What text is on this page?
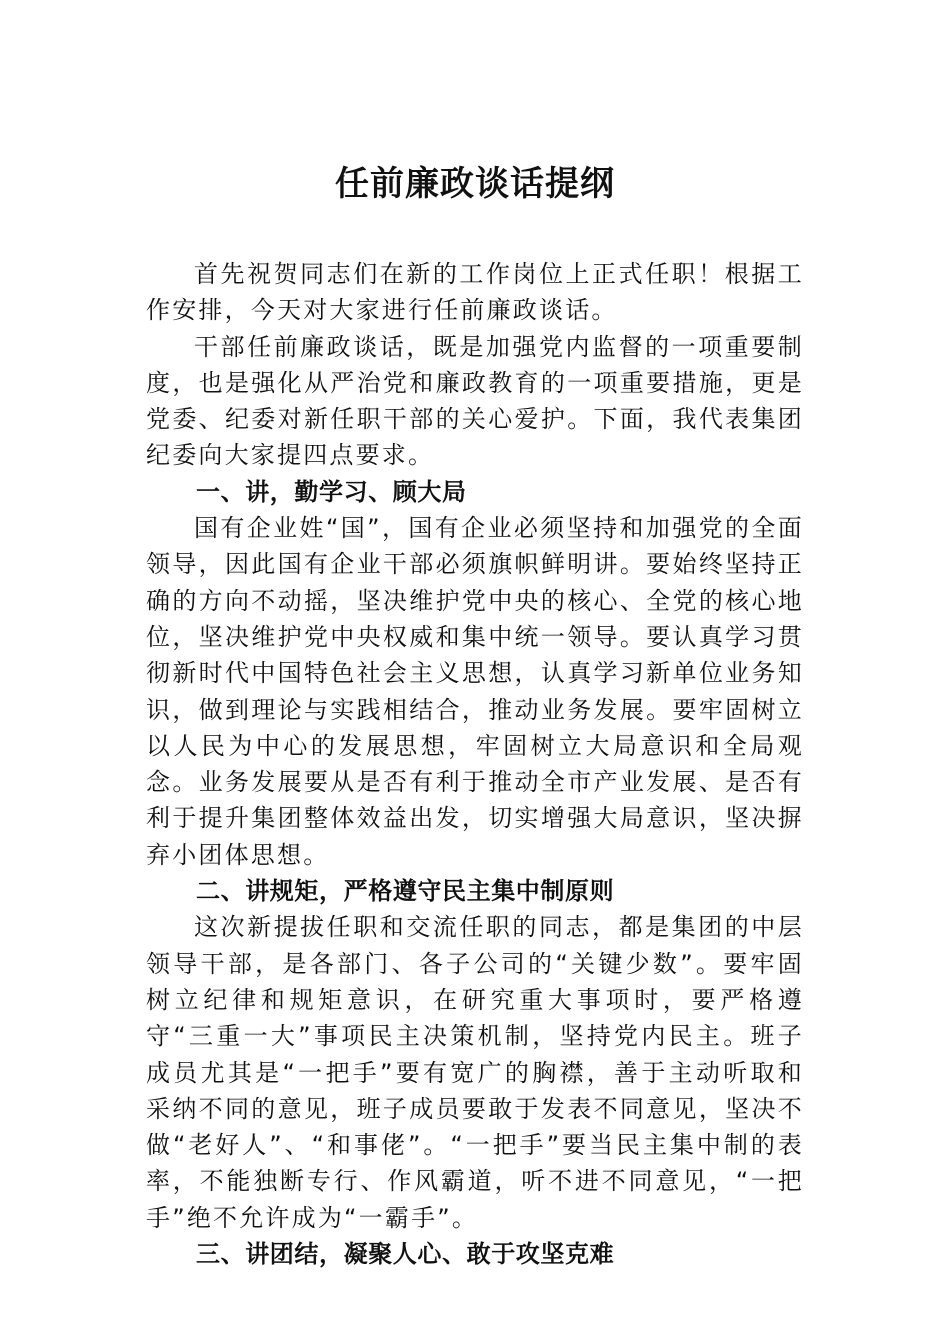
任前廉政谈话提纲

首先祝贺同志们在新的工作岗位上正式任职！根据工作安排，今天对大家进行任前廉政谈话。

干部任前廉政谈话，既是加强党内监督的一项重要制度，也是强化从严治党和廉政教育的一项重要措施，更是党委、纪委对新任职干部的关心爱护。下面，我代表集团纪委向大家提四点要求。

一、讲，勤学习、顾大局

国有企业姓“国”，国有企业必须坚持和加强党的全面领导，因此国有企业干部必须旗帜鲜明讲。要始终坚持正确的方向不动摇，坚决维护党中央的核心、全党的核心地位，坚决维护党中央权威和集中统一领导。要认真学习贯彻新时代中国特色社会主义思想，认真学习新单位业务知识，做到理论与实践相结合，推动业务发展。要牢固树立以人民为中心的发展思想，牢固树立大局意识和全局观念。业务发展要从是否有利于推动全市产业发展、是否有利于提升集团整体效益出发，切实增强大局意识，坚决摒弃小团体思想。

二、讲规矩，严格遵守民主集中制原则

这次新提拔任职和交流任职的同志，都是集团的中层领导干部，是各部门、各子公司的“关键少数”。要牢固树立纪律和规矩意识，在研究重大事项时，要严格遵守“三重一大”事项民主决策机制，坚持党内民主。班子成员尤其是“一把手”要有宽广的胸襟，善于主动听取和采纳不同的意见，班子成员要敢于发表不同意见，坚决不做“老好人”、“和事佬”。“一把手”要当民主集中制的表率，不能独断专行、作风霸道，听不进不同意见，“一把手”绝不允许成为“一霸手”。

三、讲团结，凝聚人心、敢于攻坚克难
